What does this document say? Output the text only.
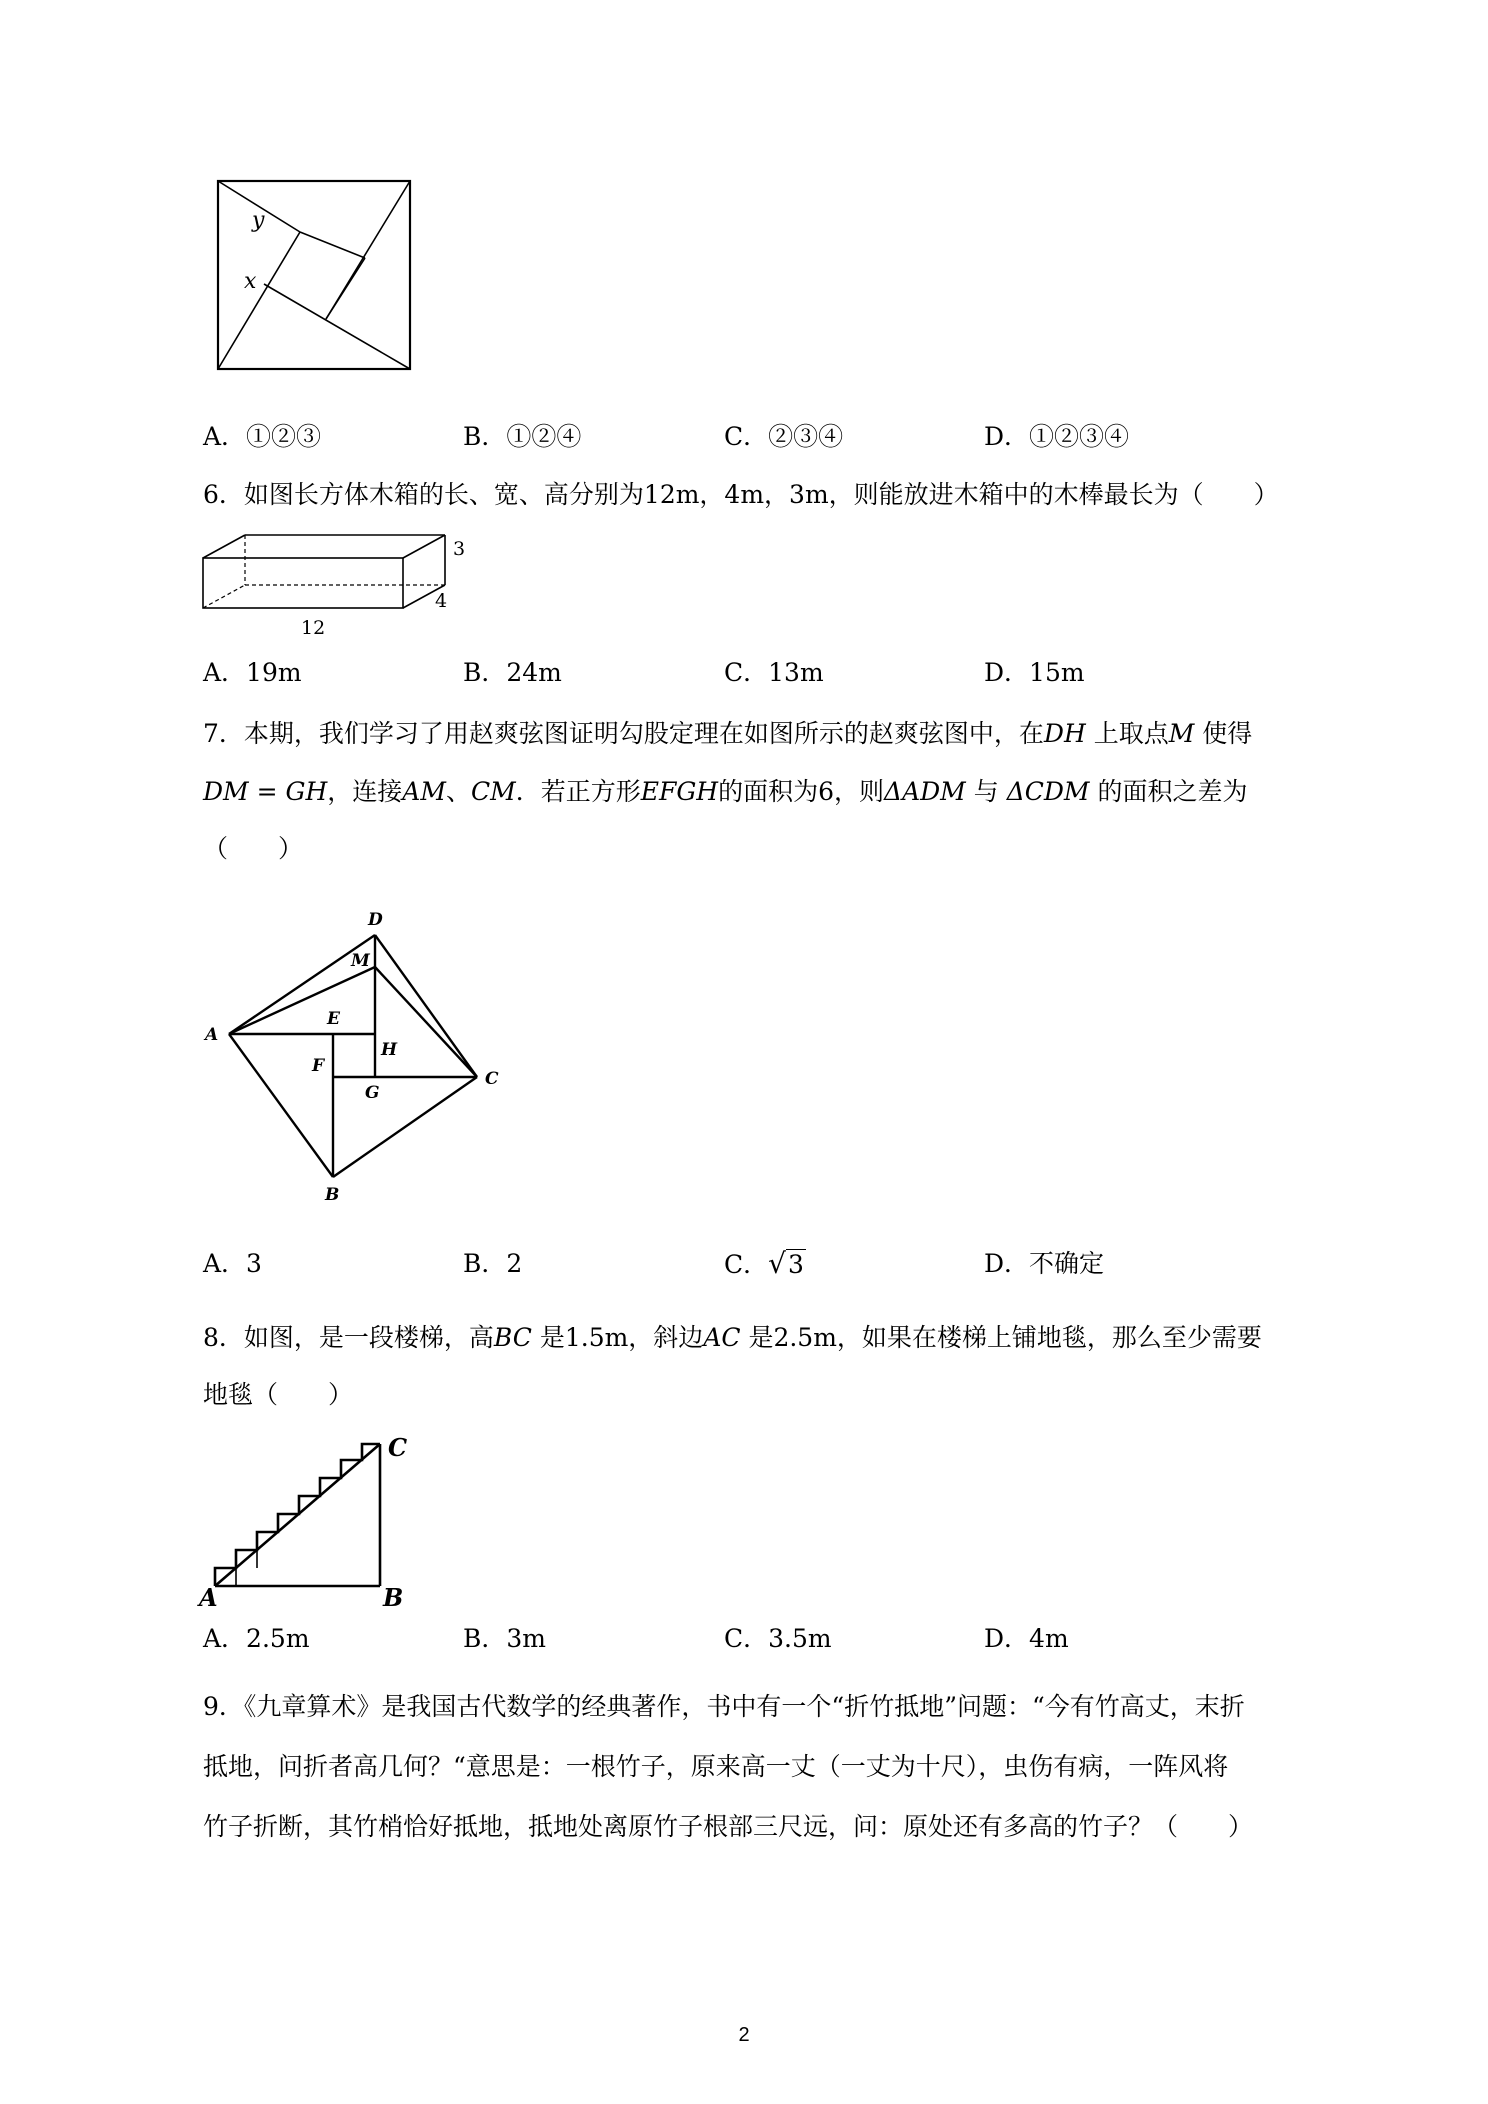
y
x
A．①②③	B．①②④	C．②③④	D．①②③④
6．如图长方体木箱的长、宽、高分别为12m，4m，3m，则能放进木箱中的木棒最长为（　　）
3
4
12
A．19m	B．24m	C．13m	D．15m
7．本期，我们学习了用赵爽弦图证明勾股定理在如图所示的赵爽弦图中，在DH 上取点M 使得
DM = GH，连接AM、CM．若正方形EFGH的面积为6，则ΔADM 与 ΔCDM 的面积之差为
（　　）
D
M
E
H
A
C
F
G
B
A．3	B．2	C．√3	D．不确定
8．如图，是一段楼梯，高BC 是1.5m，斜边AC 是2.5m，如果在楼梯上铺地毯，那么至少需要
地毯（　　）
C
A	B
A．2.5m	B．3m	C．3.5m	D．4m
9．《九章算术》是我国古代数学的经典著作，书中有一个“折竹抵地”问题：“今有竹高丈，末折
抵地，问折者高几何？“意思是：一根竹子，原来高一丈（一丈为十尺），虫伤有病，一阵风将
竹子折断，其竹梢恰好抵地，抵地处离原竹子根部三尺远，问：原处还有多高的竹子？（　　）
2
